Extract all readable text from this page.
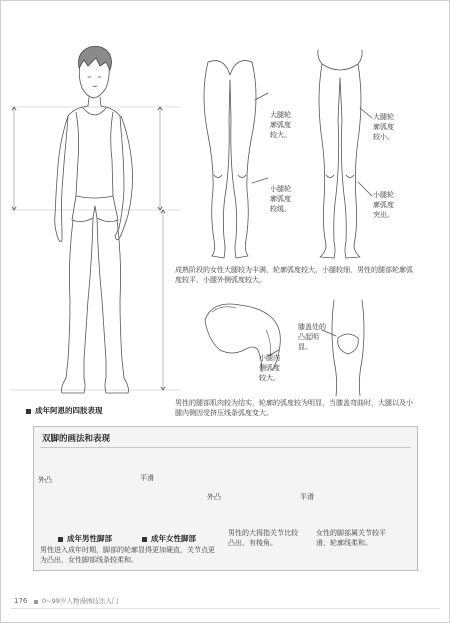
成年阿恩的四肢表现
大腿轮廓弧度较大。
小腿轮廓弧度较缓。
大腿轮廓弧度较小。
小腿轮廓弧度突出。
成熟阶段的女性大腿较为丰满，轮廓弧度较大，小腿较细，男性的腿部轮廓弧度较平，小腿外侧弧度较大。
膝盖处的凸起明显。
小腿内侧弧度较大。
男性的腿部肌肉较为结实，轮廓的弧度较为明显，当膝盖弯曲时，大腿以及小腿内侧因受挤压线条弧度变大。
双脚的画法和表现
外凸	平滑
成年男性脚部	成年女性脚部
男性进入成年时期，脚部的轮廓显得更加硬直，关节点更为凸出，女性脚部线条较柔和。
外凸	平滑
男性的大拇指关节比较凸出，有棱角。
女性的脚部属关节较平滑，轮廓线柔和。
176 0~99岁人物漫画技法入门
